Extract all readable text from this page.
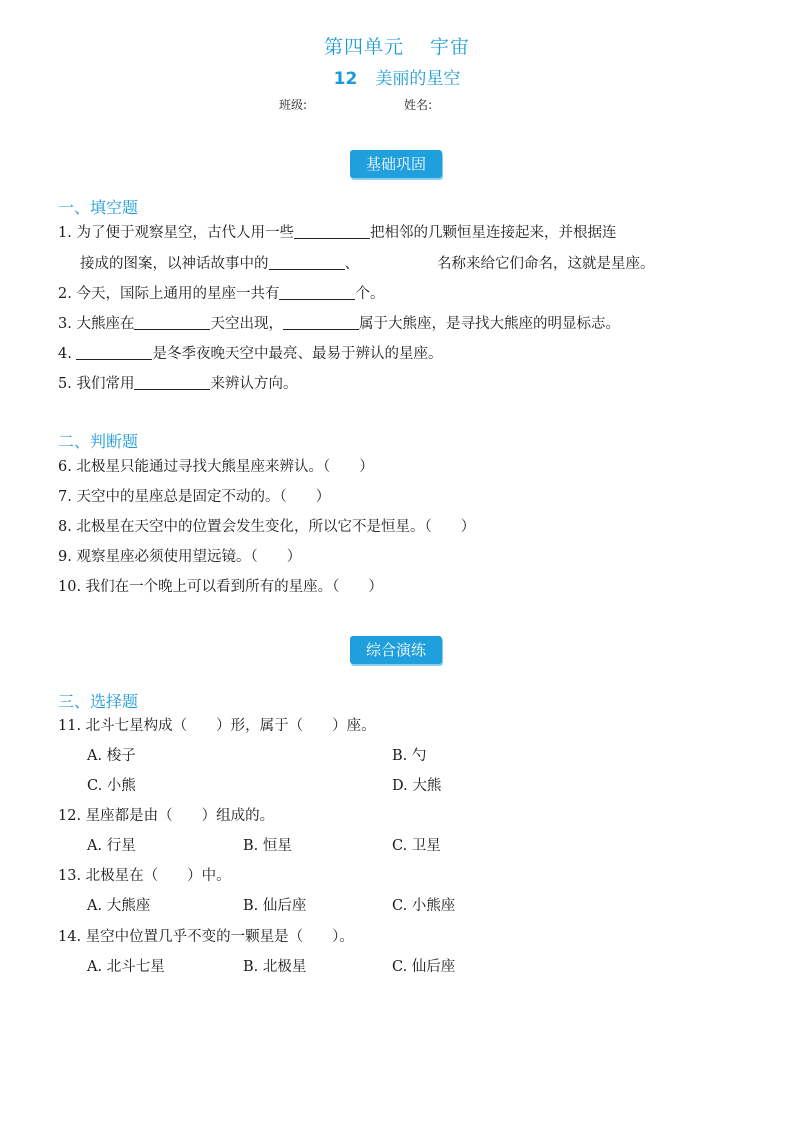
第四单元 宇宙
12 美丽的星空
班级:	姓名:
基础巩固
一、填空题
1. 为了便于观察星空，古代人用一些	把相邻的几颗恒星连接起来，并根据连
接成的图案，以神话故事中的	、	名称来给它们命名，这就是星座。
2. 今天，国际上通用的星座一共有	个。
3. 大熊座在	天空出现，	属于大熊座，是寻找大熊座的明显标志。
4.	是冬季夜晚天空中最亮、最易于辨认的星座。
5. 我们常用	来辨认方向。
二、判断题
6. 北极星只能通过寻找大熊星座来辨认。（　　）
7. 天空中的星座总是固定不动的。（　　）
8. 北极星在天空中的位置会发生变化，所以它不是恒星。（　　）
9. 观察星座必须使用望远镜。（　　）
10. 我们在一个晚上可以看到所有的星座。（　　）
综合演练
三、选择题
11. 北斗七星构成（　　）形，属于（　　）座。
A. 梭子	B. 勺
C. 小熊	D. 大熊
12. 星座都是由（　　）组成的。
A. 行星	B. 恒星	C. 卫星
13. 北极星在（　　）中。
A. 大熊座	B. 仙后座	C. 小熊座
14. 星空中位置几乎不变的一颗星是（　　）。
A. 北斗七星	B. 北极星	C. 仙后座
